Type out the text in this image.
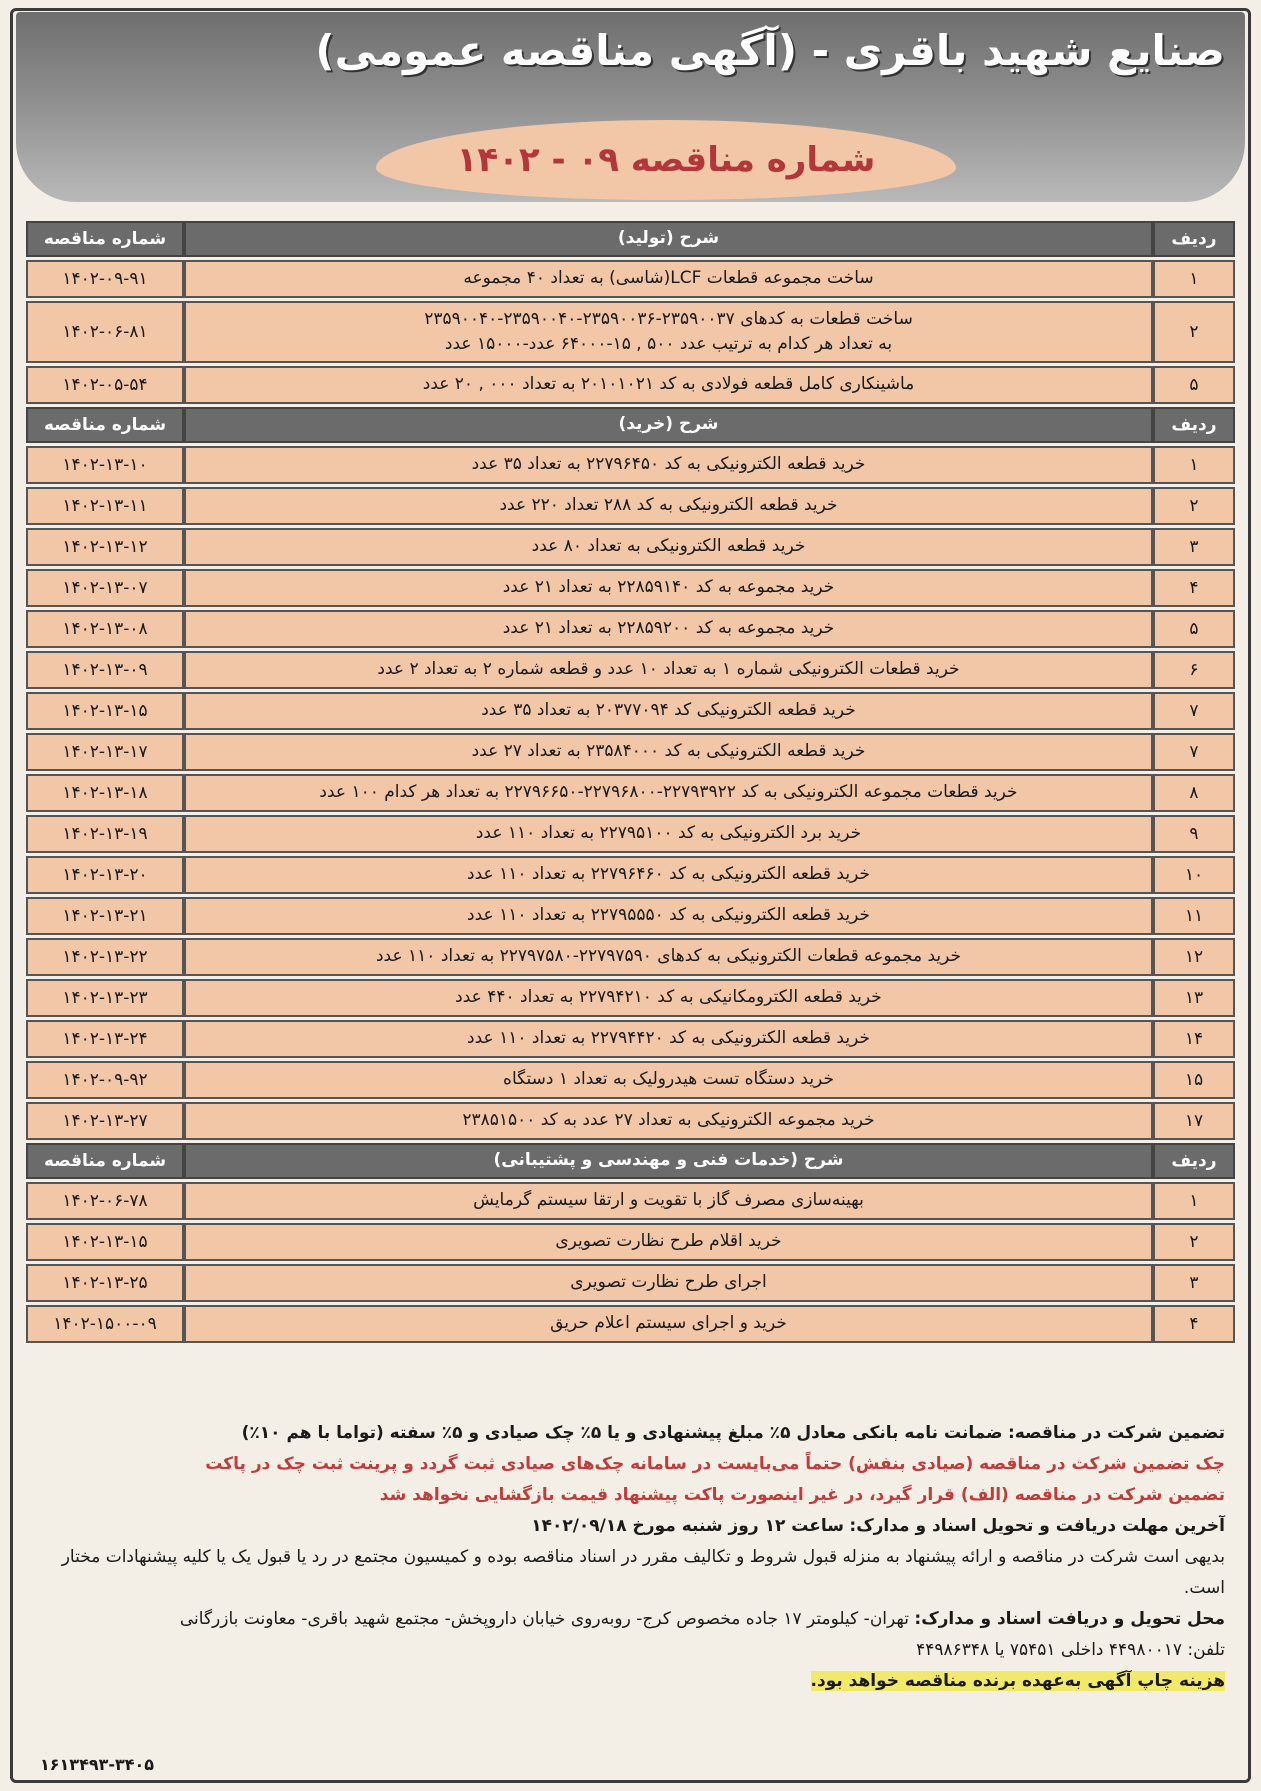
صنایع شهید باقری - (آگهی مناقصه عمومی)
شماره مناقصه ۰۹ - ۱۴۰۲
ردیف	شرح (تولید)	شماره مناقصه
۱	ساخت مجموعه قطعات LCF(شاسی) به تعداد ۴۰ مجموعه	۱۴۰۲-۰۹-۹۱
۲	ساخت قطعات به کدهای ۲۳۵۹۰۰۳۷-۲۳۵۹۰۰۳۶-۲۳۵۹۰۰۴۰-۲۳۵۹۰۰۴۰
به تعداد هر کدام به ترتیب عدد ۵۰۰ , ۱۵-۶۴۰۰۰ عدد-۱۵۰۰۰ عدد	۱۴۰۲-۰۶-۸۱
۵	ماشینکاری کامل قطعه فولادی به کد ۲۰۱۰۱۰۲۱ به تعداد ۰۰۰ , ۲۰ عدد	۱۴۰۲-۰۵-۵۴
ردیف	شرح (خرید)	شماره مناقصه
۱	خرید قطعه الکترونیکی به کد ۲۲۷۹۶۴۵۰ به تعداد ۳۵ عدد	۱۴۰۲-۱۳-۱۰
۲	خرید قطعه الکترونیکی به کد ۲۸۸ تعداد ۲۲۰ عدد	۱۴۰۲-۱۳-۱۱
۳	خرید قطعه الکترونیکی به تعداد ۸۰ عدد	۱۴۰۲-۱۳-۱۲
۴	خرید مجموعه به کد ۲۲۸۵۹۱۴۰ به تعداد ۲۱ عدد	۱۴۰۲-۱۳-۰۷
۵	خرید مجموعه به کد ۲۲۸۵۹۲۰۰ به تعداد ۲۱ عدد	۱۴۰۲-۱۳-۰۸
۶	خرید قطعات الکترونیکی شماره ۱ به تعداد ۱۰ عدد و قطعه شماره ۲ به تعداد ۲ عدد	۱۴۰۲-۱۳-۰۹
۷	خرید قطعه الکترونیکی کد ۲۰۳۷۷۰۹۴ به تعداد ۳۵ عدد	۱۴۰۲-۱۳-۱۵
۷	خرید قطعه الکترونیکی به کد ۲۳۵۸۴۰۰۰ به تعداد ۲۷ عدد	۱۴۰۲-۱۳-۱۷
۸	خرید قطعات مجموعه الکترونیکی به کد ۲۲۷۹۳۹۲۲-۲۲۷۹۶۸۰۰-۲۲۷۹۶۶۵۰ به تعداد هر کدام ۱۰۰ عدد	۱۴۰۲-۱۳-۱۸
۹	خرید برد الکترونیکی به کد ۲۲۷۹۵۱۰۰ به تعداد ۱۱۰ عدد	۱۴۰۲-۱۳-۱۹
۱۰	خرید قطعه الکترونیکی به کد ۲۲۷۹۶۴۶۰ به تعداد ۱۱۰ عدد	۱۴۰۲-۱۳-۲۰
۱۱	خرید قطعه الکترونیکی به کد ۲۲۷۹۵۵۵۰ به تعداد ۱۱۰ عدد	۱۴۰۲-۱۳-۲۱
۱۲	خرید مجموعه قطعات الکترونیکی به کدهای ۲۲۷۹۷۵۹۰-۲۲۷۹۷۵۸۰ به تعداد ۱۱۰ عدد	۱۴۰۲-۱۳-۲۲
۱۳	خرید قطعه الکترومکانیکی به کد ۲۲۷۹۴۲۱۰ به تعداد ۴۴۰ عدد	۱۴۰۲-۱۳-۲۳
۱۴	خرید قطعه الکترونیکی به کد ۲۲۷۹۴۴۲۰ به تعداد ۱۱۰ عدد	۱۴۰۲-۱۳-۲۴
۱۵	خرید دستگاه تست هیدرولیک به تعداد ۱ دستگاه	۱۴۰۲-۰۹-۹۲
۱۷	خرید مجموعه الکترونیکی به تعداد ۲۷ عدد به کد ۲۳۸۵۱۵۰۰	۱۴۰۲-۱۳-۲۷
ردیف	شرح (خدمات فنی و مهندسی و پشتیبانی)	شماره مناقصه
۱	بهینه‌سازی مصرف گاز با تقویت و ارتقا سیستم گرمایش	۱۴۰۲-۰۶-۷۸
۲	خرید اقلام طرح نظارت تصویری	۱۴۰۲-۱۳-۱۵
۳	اجرای طرح نظارت تصویری	۱۴۰۲-۱۳-۲۵
۴	خرید و اجرای سیستم اعلام حریق	۱۴۰۲-۱۵۰۰-۰۹

تضمین شرکت در مناقصه: ضمانت نامه بانکی معادل ۵٪ مبلغ پیشنهادی و یا ۵٪ چک صیادی و ۵٪ سفته (تواما با هم ۱۰٪)

چک تضمین شرکت در مناقصه (صیادی بنفش) حتماً می‌بایست در سامانه چک‌های صیادی ثبت گردد و پرینت ثبت چک در پاکت

تضمین شرکت در مناقصه (الف) قرار گیرد، در غیر اینصورت پاکت پیشنهاد قیمت بازگشایی نخواهد شد

آخرین مهلت دریافت و تحویل اسناد و مدارک: ساعت ۱۲ روز شنبه مورخ ۱۴۰۲/۰۹/۱۸

بدیهی است شرکت در مناقصه و ارائه پیشنهاد به منزله قبول شروط و تکالیف مقرر در اسناد مناقصه بوده و کمیسیون مجتمع در رد یا قبول یک یا کلیه پیشنهادات مختار است.

محل تحویل و دریافت اسناد و مدارک: تهران- کیلومتر ۱۷ جاده مخصوص کرج- روبه‌روی خیابان داروپخش- مجتمع شهید باقری- معاونت بازرگانی

تلفن: ۴۴۹۸۰۰۱۷ داخلی ۷۵۴۵۱ یا ۴۴۹۸۶۳۴۸

هزینه چاپ آگهی به‌عهده برنده مناقصه خواهد بود.

۱۶۱۳۴۹۳-۳۴۰۵
